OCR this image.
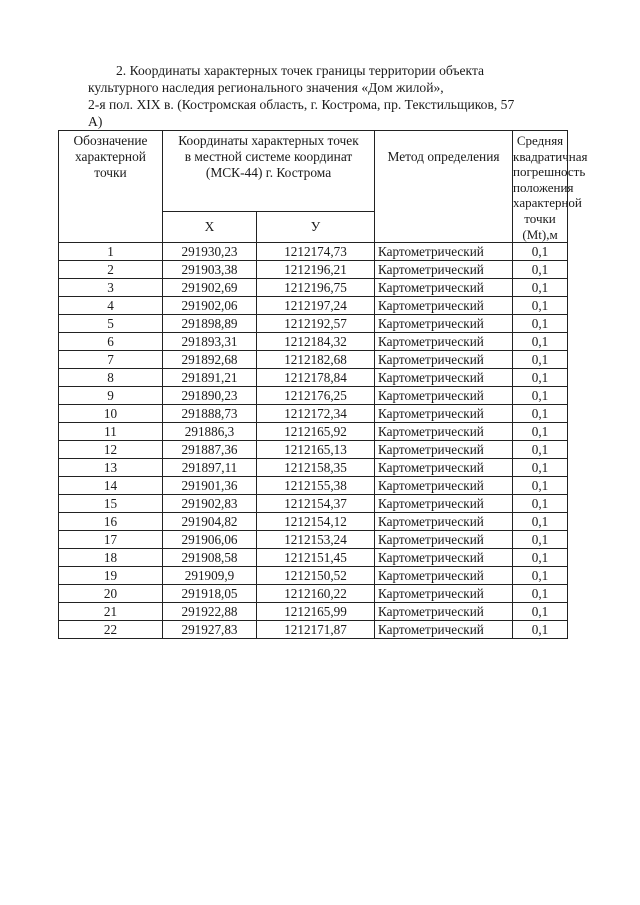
2. Координаты характерных точек границы территории объекта
культурного наследия регионального значения «Дом жилой»,
2-я пол. XIX в. (Костромская область, г. Кострома, пр. Текстильщиков, 57
А)
Обозначение характерной точки	Координаты характерных точек в местной системе координат (МСК-44) г. Кострома		Метод определения	Средняя квадратичная погрешность положения характерной точки (Mt),м

	Х	У		
1	291930,23	1212174,73	Картометрический	0,1
2	291903,38	1212196,21	Картометрический	0,1
3	291902,69	1212196,75	Картометрический	0,1
4	291902,06	1212197,24	Картометрический	0,1
5	291898,89	1212192,57	Картометрический	0,1
6	291893,31	1212184,32	Картометрический	0,1
7	291892,68	1212182,68	Картометрический	0,1
8	291891,21	1212178,84	Картометрический	0,1
9	291890,23	1212176,25	Картометрический	0,1
10	291888,73	1212172,34	Картометрический	0,1
11	291886,3	1212165,92	Картометрический	0,1
12	291887,36	1212165,13	Картометрический	0,1
13	291897,11	1212158,35	Картометрический	0,1
14	291901,36	1212155,38	Картометрический	0,1
15	291902,83	1212154,37	Картометрический	0,1
16	291904,82	1212154,12	Картометрический	0,1
17	291906,06	1212153,24	Картометрический	0,1
18	291908,58	1212151,45	Картометрический	0,1
19	291909,9	1212150,52	Картометрический	0,1
20	291918,05	1212160,22	Картометрический	0,1
21	291922,88	1212165,99	Картометрический	0,1
22	291927,83	1212171,87	Картометрический	0,1
